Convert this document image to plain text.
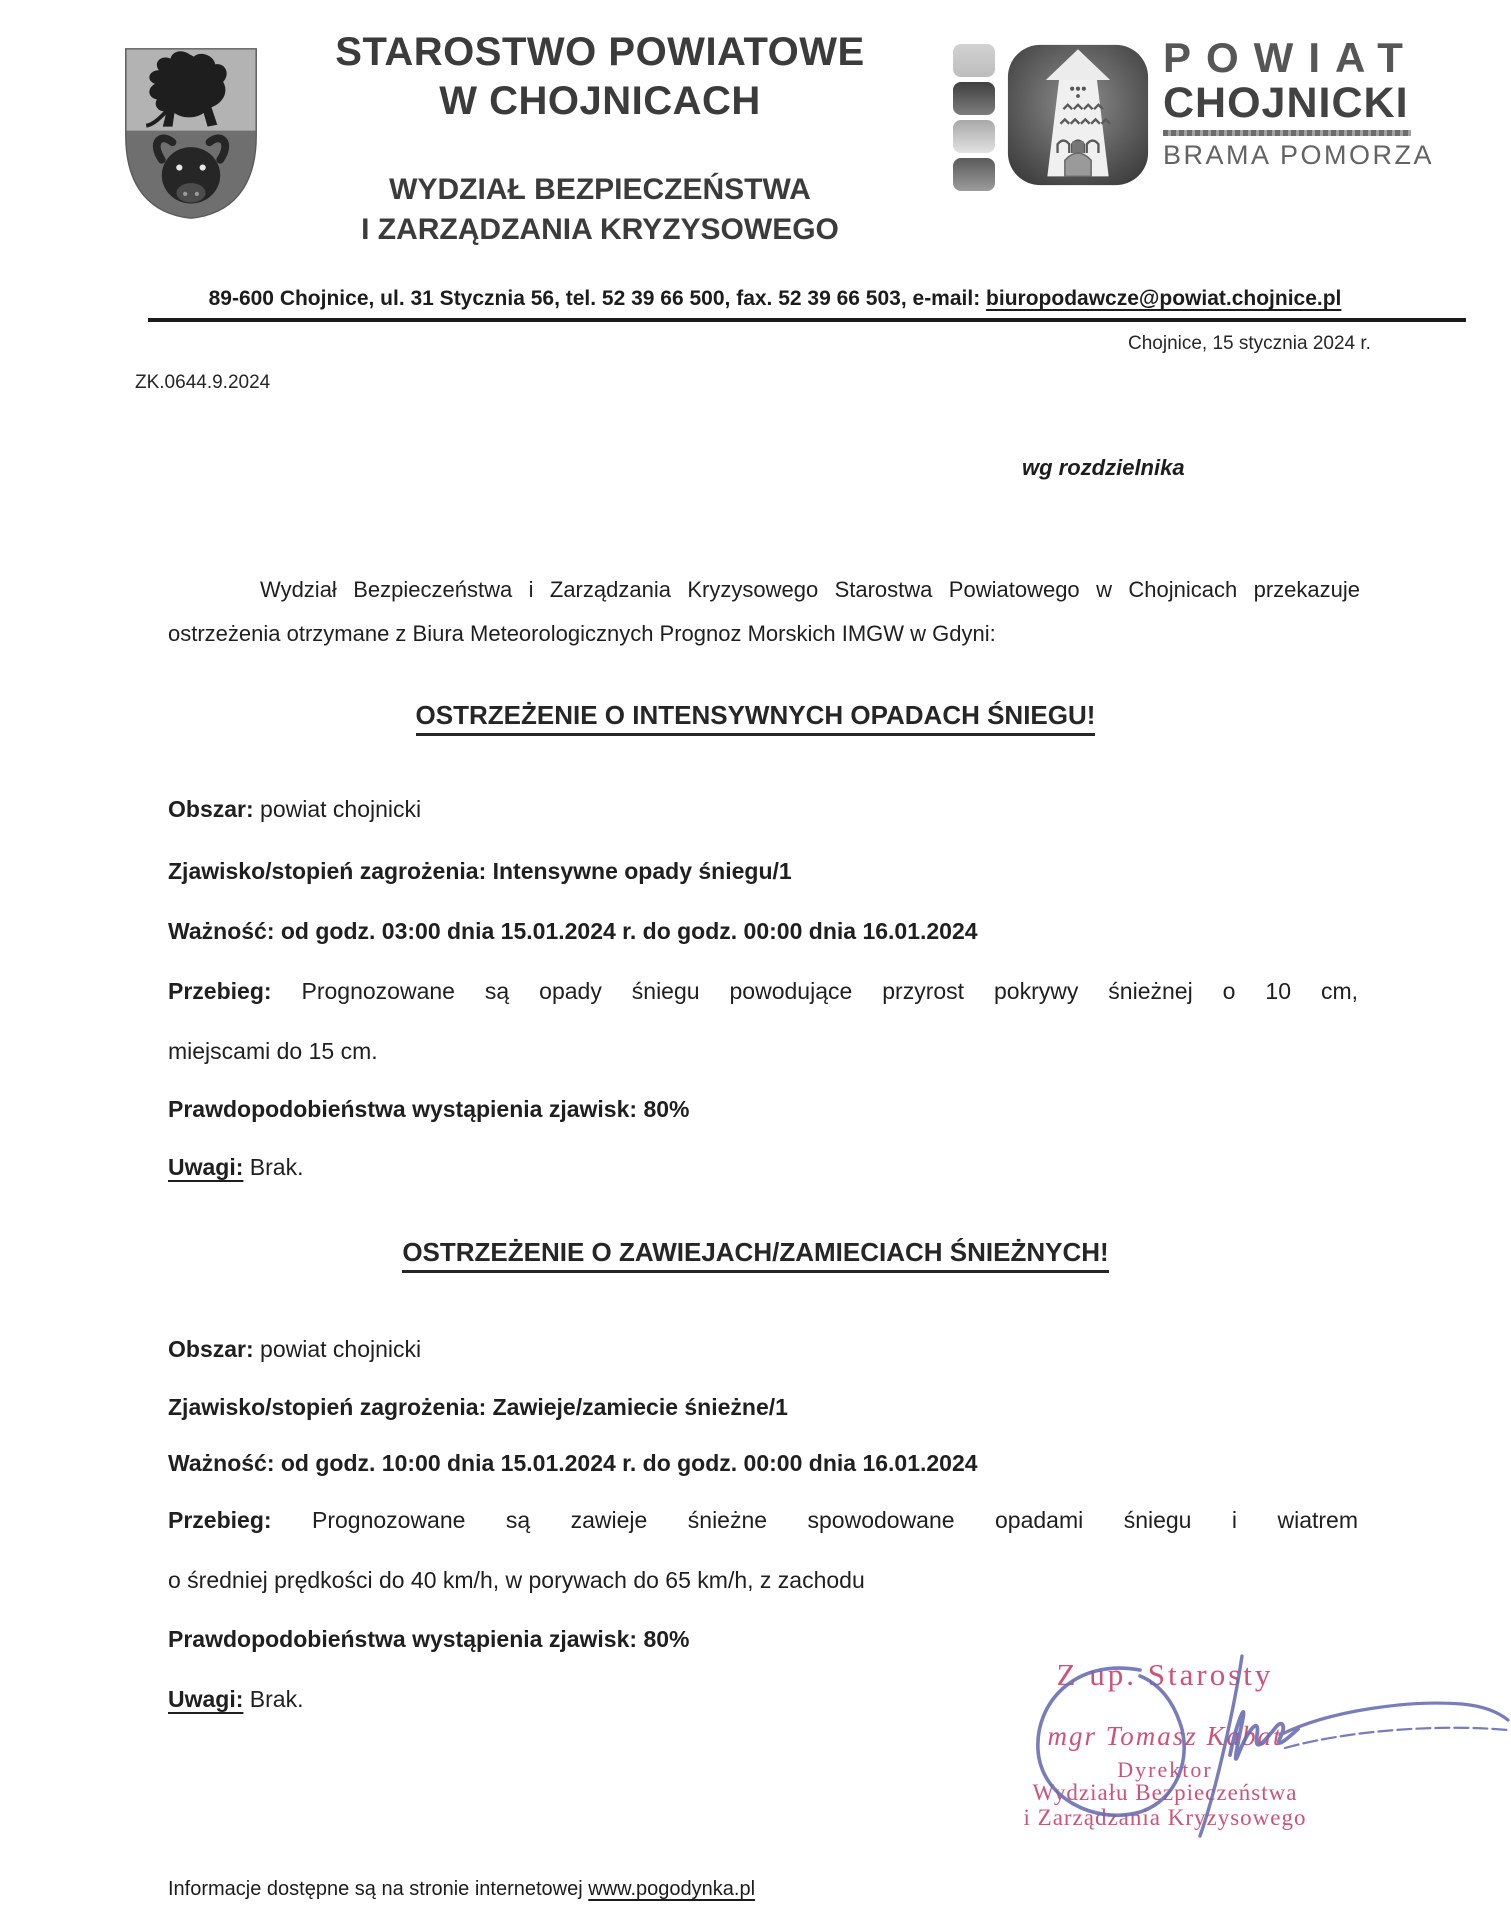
STAROSTWO POWIATOWE
W CHOJNICACH
WYDZIAŁ BEZPIECZEŃSTWA
I ZARZĄDZANIA KRYZYSOWEGO
POWIAT
CHOJNICKI
BRAMA POMORZA
89-600 Chojnice, ul. 31 Stycznia 56, tel. 52 39 66 500, fax. 52 39 66 503, e-mail: biuropodawcze@powiat.chojnice.pl
Chojnice, 15 stycznia 2024 r.
ZK.0644.9.2024
wg rozdzielnika

Wydział Bezpieczeństwa i Zarządzania Kryzysowego Starostwa Powiatowego w Chojnicach przekazuje ostrzeżenia otrzymane z Biura Meteorologicznych Prognoz Morskich IMGW w Gdyni:

OSTRZEŻENIE O INTENSYWNYCH OPADACH ŚNIEGU!
Obszar: powiat chojnicki
Zjawisko/stopień zagrożenia: Intensywne opady śniegu/1
Ważność: od godz. 03:00 dnia 15.01.2024 r. do godz. 00:00 dnia 16.01.2024
Przebieg: Prognozowane są opady śniegu powodujące przyrost pokrywy śnieżnej o 10 cm,
miejscami do 15 cm.
Prawdopodobieństwa wystąpienia zjawisk: 80%
Uwagi: Brak.
OSTRZEŻENIE O ZAWIEJACH/ZAMIECIACH ŚNIEŻNYCH!
Obszar: powiat chojnicki
Zjawisko/stopień zagrożenia: Zawieje/zamiecie śnieżne/1
Ważność: od godz. 10:00 dnia 15.01.2024 r. do godz. 00:00 dnia 16.01.2024
Przebieg: Prognozowane są zawieje śnieżne spowodowane opadami śniegu i wiatrem
o średniej prędkości do 40 km/h, w porywach do 65 km/h, z zachodu
Prawdopodobieństwa wystąpienia zjawisk: 80%
Uwagi: Brak.
Z up. Starosty
mgr Tomasz Kabat
Dyrektor
Wydziału Bezpieczeństwa
i Zarządzania Kryzysowego
Informacje dostępne są na stronie internetowej www.pogodynka.pl
